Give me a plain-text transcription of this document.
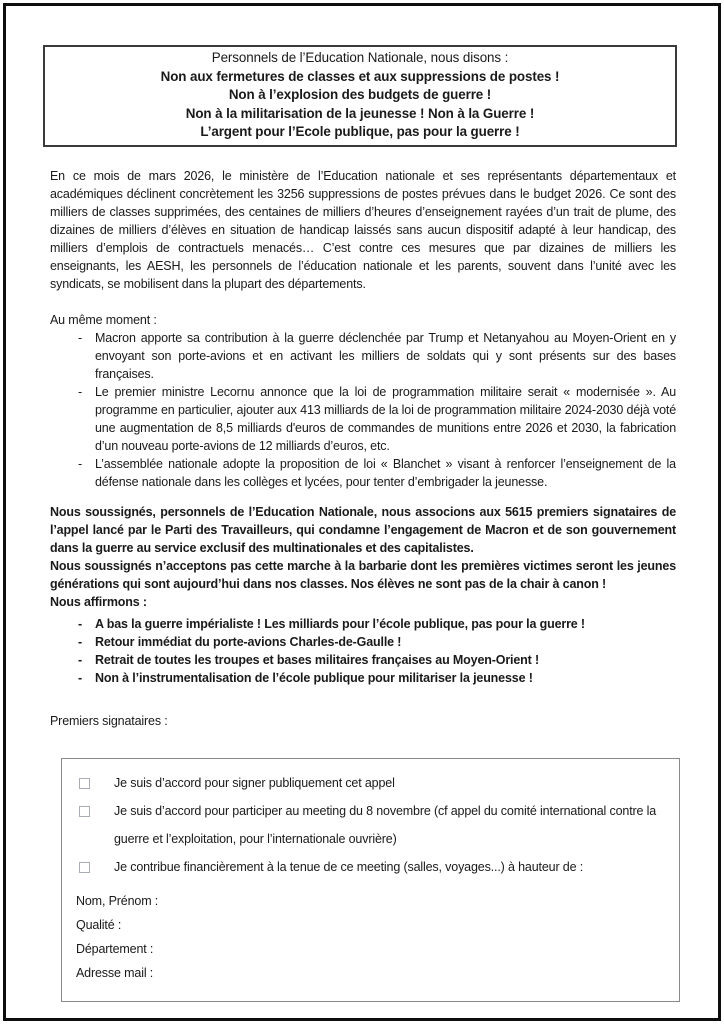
Personnels de l’Education Nationale, nous disons :
Non aux fermetures de classes et aux suppressions de postes !
Non à l’explosion des budgets de guerre !
Non à la militarisation de la jeunesse ! Non à la Guerre !
L’argent pour l’Ecole publique, pas pour la guerre !

En ce mois de mars 2026, le ministère de l’Education nationale et ses représentants départementaux et académiques déclinent concrètement les 3256 suppressions de postes prévues dans le budget 2026. Ce sont des milliers de classes supprimées, des centaines de milliers d’heures d’enseignement rayées d’un trait de plume, des dizaines de milliers d’élèves en situation de handicap laissés sans aucun dispositif adapté à leur handicap, des milliers d’emplois de contractuels menacés… C’est contre ces mesures que par dizaines de milliers les enseignants, les AESH, les personnels de l’éducation nationale et les parents, souvent dans l’unité avec les syndicats, se mobilisent dans la plupart des départements.

Au même moment :

- Macron apporte sa contribution à la guerre déclenchée par Trump et Netanyahou au Moyen-Orient en y envoyant son porte-avions et en activant les milliers de soldats qui y sont présents sur des bases françaises.
- Le premier ministre Lecornu annonce que la loi de programmation militaire serait « modernisée ». Au programme en particulier, ajouter aux 413 milliards de la loi de programmation militaire 2024-2030 déjà voté une augmentation de 8,5 milliards d'euros de commandes de munitions entre 2026 et 2030, la fabrication d’un nouveau porte-avions de 12 milliards d’euros, etc.
- L’assemblée nationale adopte la proposition de loi « Blanchet » visant à renforcer l’enseignement de la défense nationale dans les collèges et lycées, pour tenter d’embrigader la jeunesse.

Nous soussignés, personnels de l’Education Nationale, nous associons aux 5615 premiers signataires de l’appel lancé par le Parti des Travailleurs, qui condamne l’engagement de Macron et de son gouvernement dans la guerre au service exclusif des multinationales et des capitalistes.

Nous soussignés n’acceptons pas cette marche à la barbarie dont les premières victimes seront les jeunes générations qui sont aujourd’hui dans nos classes. Nos élèves ne sont pas de la chair à canon !

Nous affirmons :

- A bas la guerre impérialiste ! Les milliards pour l’école publique, pas pour la guerre !
- Retour immédiat du porte-avions Charles-de-Gaulle !
- Retrait de toutes les troupes et bases militaires françaises au Moyen-Orient !
- Non à l’instrumentalisation de l’école publique pour militariser la jeunesse !

Premiers signataires :

Je suis d’accord pour signer publiquement cet appel
Je suis d’accord pour participer au meeting du 8 novembre (cf appel du comité international contre la guerre et l’exploitation, pour l’internationale ouvrière)
Je contribue financièrement à la tenue de ce meeting (salles, voyages...) à hauteur de :
Nom, Prénom :
Qualité :
Département :
Adresse mail :
